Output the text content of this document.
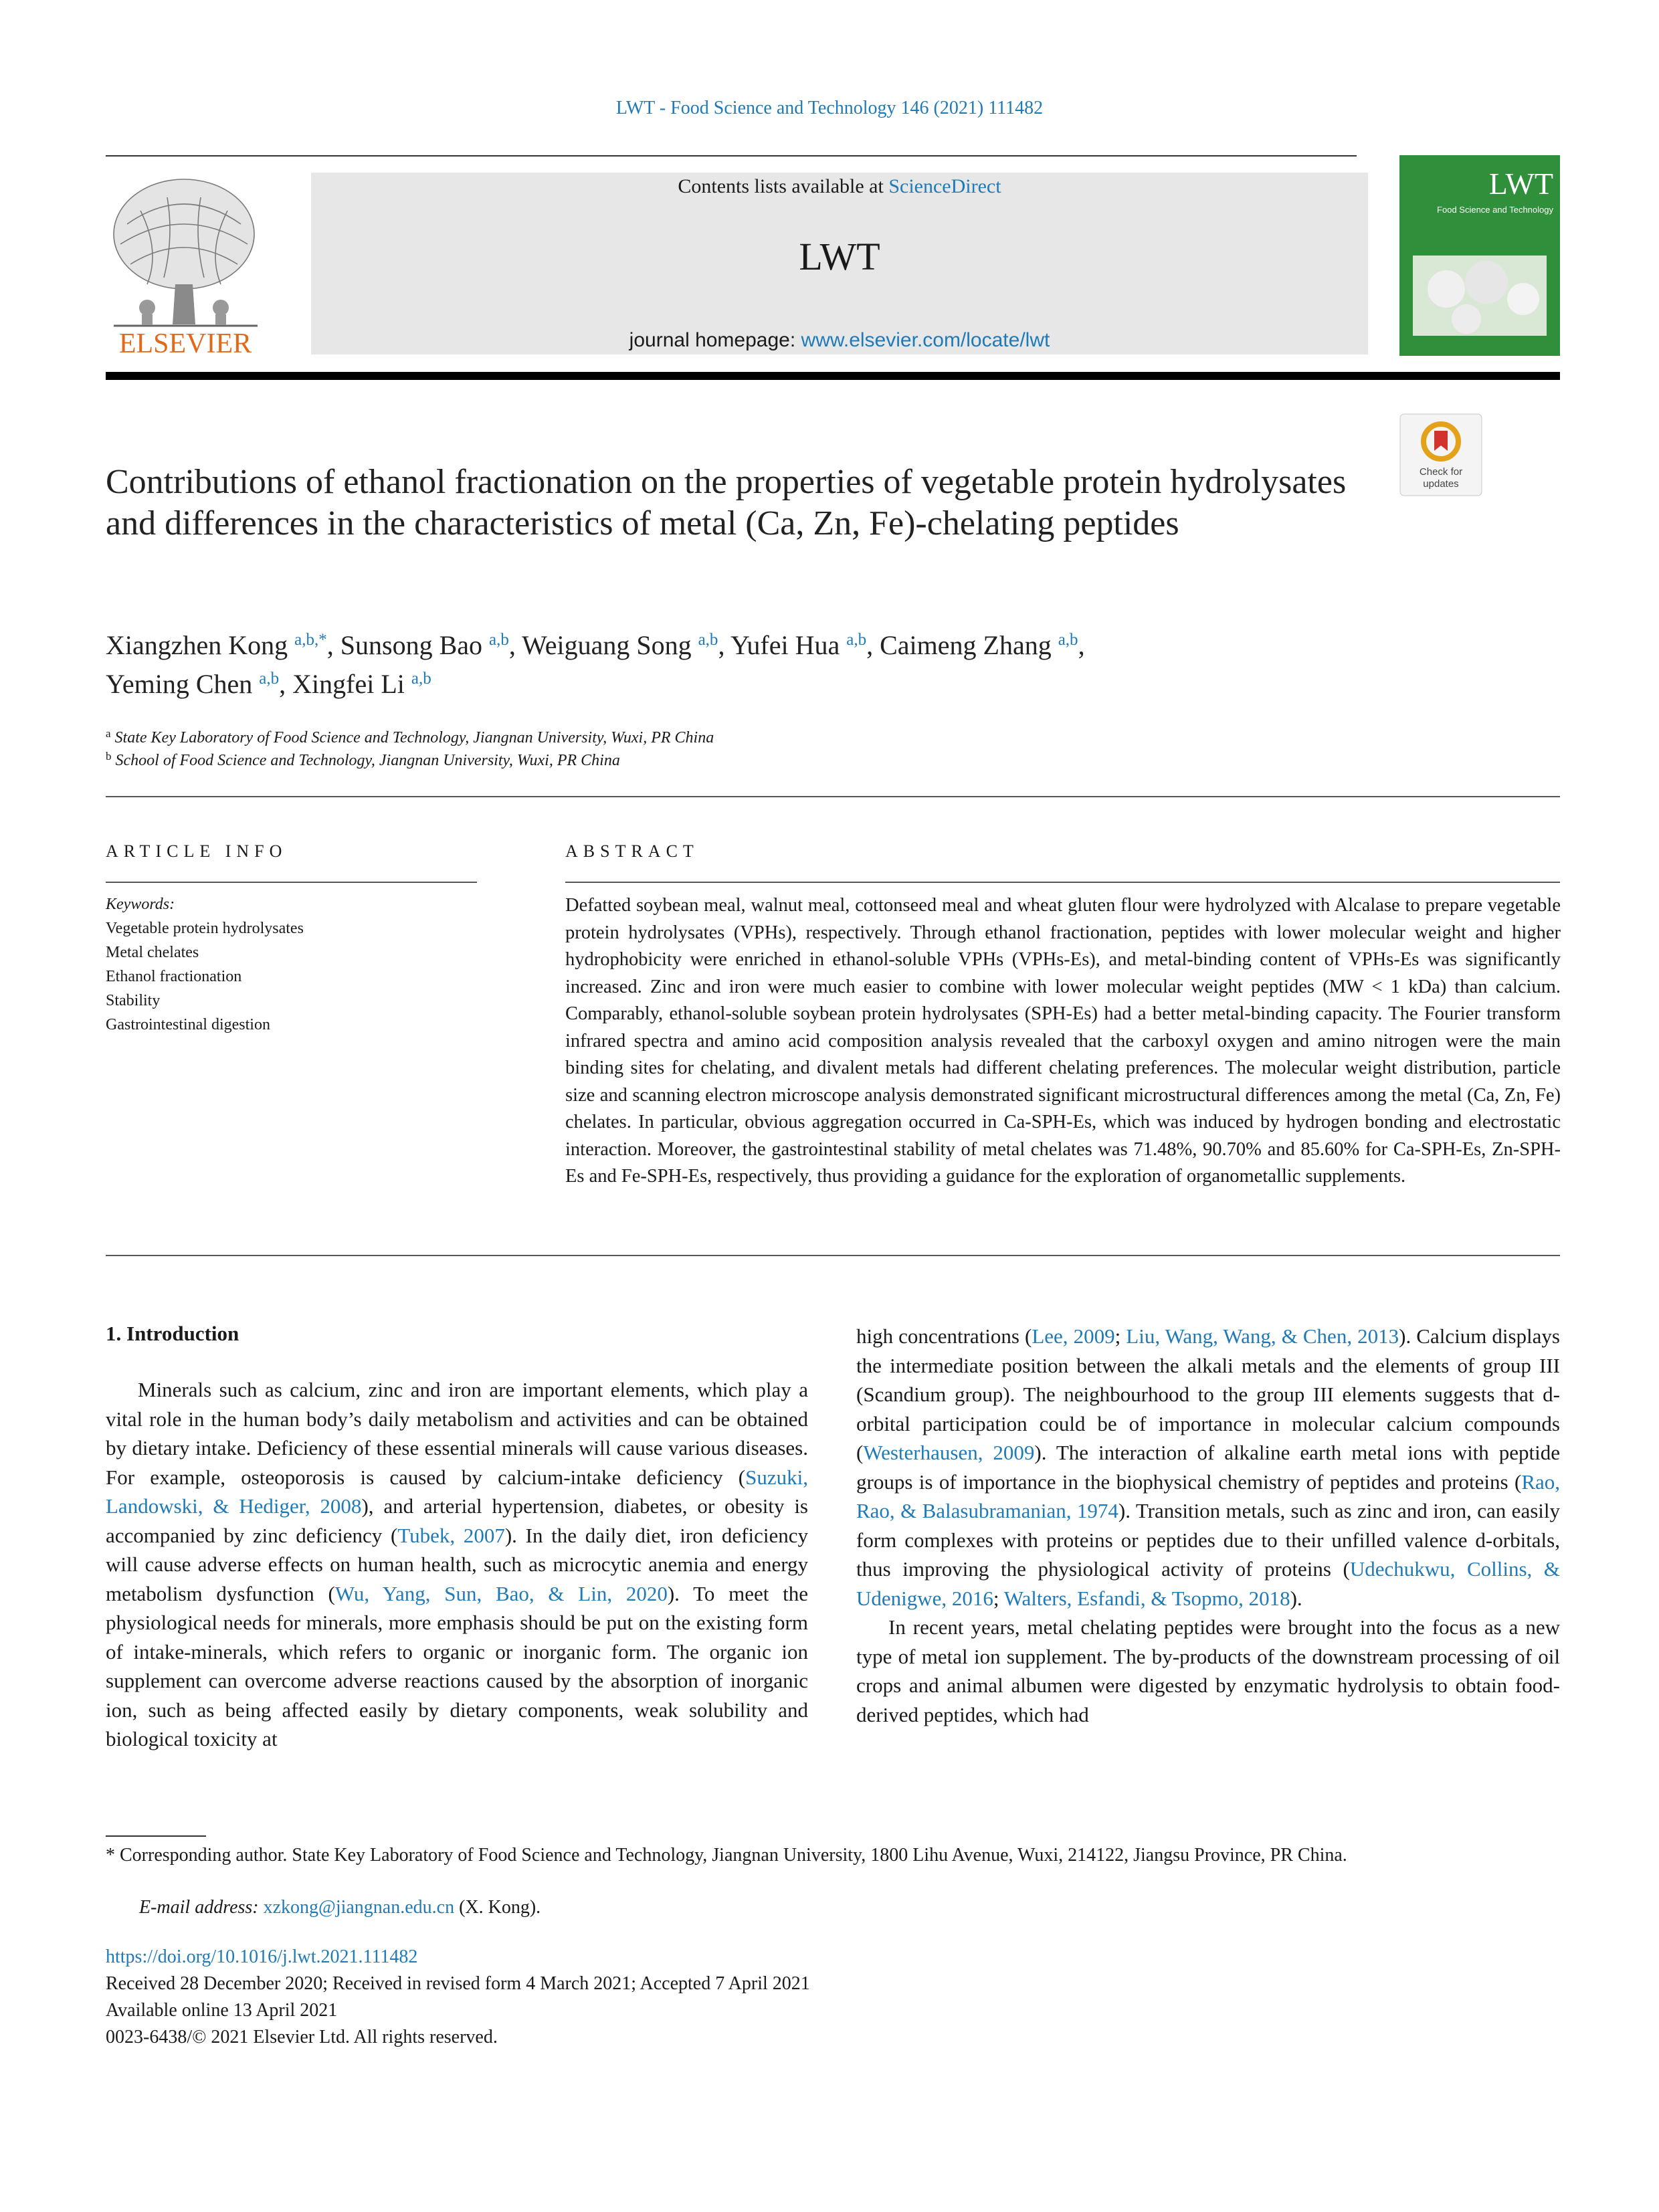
LWT - Food Science and Technology 146 (2021) 111482
ELSEVIER
Contents lists available at ScienceDirect
LWT
journal homepage: www.elsevier.com/locate/lwt
LWT
Food Science and Technology
Check for
updates
Contributions of ethanol fractionation on the properties of vegetable protein hydrolysates and differences in the characteristics of metal (Ca, Zn, Fe)-chelating peptides
Xiangzhen Kong $^{a,b,*}$, Sunsong Bao $^{a,b}$, Weiguang Song $^{a,b}$, Yufei Hua $^{a,b}$, Caimeng Zhang $^{a,b}$,
Yeming Chen $^{a,b}$, Xingfei Li $^{a,b}$
$^a$ State Key Laboratory of Food Science and Technology, Jiangnan University, Wuxi, PR China
$^b$ School of Food Science and Technology, Jiangnan University, Wuxi, PR China
ARTICLE INFO
Keywords:
Vegetable protein hydrolysates
Metal chelates
Ethanol fractionation
Stability
Gastrointestinal digestion
ABSTRACT
Defatted soybean meal, walnut meal, cottonseed meal and wheat gluten flour were hydrolyzed with Alcalase to prepare vegetable protein hydrolysates (VPHs), respectively. Through ethanol fractionation, peptides with lower molecular weight and higher hydrophobicity were enriched in ethanol-soluble VPHs (VPHs-Es), and metal-binding content of VPHs-Es was significantly increased. Zinc and iron were much easier to combine with lower molecular weight peptides (MW < 1 kDa) than calcium. Comparably, ethanol-soluble soybean protein hydrolysates (SPH-Es) had a better metal-binding capacity. The Fourier transform infrared spectra and amino acid composition analysis revealed that the carboxyl oxygen and amino nitrogen were the main binding sites for chelating, and divalent metals had different chelating preferences. The molecular weight distribution, particle size and scanning electron microscope analysis demonstrated significant microstructural differences among the metal (Ca, Zn, Fe) chelates. In particular, obvious aggregation occurred in Ca-SPH-Es, which was induced by hydrogen bonding and electrostatic interaction. Moreover, the gastrointestinal stability of metal chelates was 71.48%, 90.70% and 85.60% for Ca-SPH-Es, Zn-SPH-Es and Fe-SPH-Es, respectively, thus providing a guidance for the exploration of organometallic supplements.
1. Introduction

Minerals such as calcium, zinc and iron are important elements, which play a vital role in the human body’s daily metabolism and activities and can be obtained by dietary intake. Deficiency of these essential minerals will cause various diseases. For example, osteoporosis is caused by calcium-intake deficiency (Suzuki, Landowski, & Hediger, 2008), and arterial hypertension, diabetes, or obesity is accompanied by zinc deficiency (Tubek, 2007). In the daily diet, iron deficiency will cause adverse effects on human health, such as microcytic anemia and energy metabolism dysfunction (Wu, Yang, Sun, Bao, & Lin, 2020). To meet the physiological needs for minerals, more emphasis should be put on the existing form of intake-minerals, which refers to organic or inorganic form. The organic ion supplement can overcome adverse reactions caused by the absorption of inorganic ion, such as being affected easily by dietary components, weak solubility and biological toxicity at

high concentrations (Lee, 2009; Liu, Wang, Wang, & Chen, 2013). Calcium displays the intermediate position between the alkali metals and the elements of group III (Scandium group). The neighbourhood to the group III elements suggests that d-orbital participation could be of importance in molecular calcium compounds (Westerhausen, 2009). The interaction of alkaline earth metal ions with peptide groups is of importance in the biophysical chemistry of peptides and proteins (Rao, Rao, & Balasubramanian, 1974). Transition metals, such as zinc and iron, can easily form complexes with proteins or peptides due to their unfilled valence d-orbitals, thus improving the physiological activity of proteins (Udechukwu, Collins, & Udenigwe, 2016; Walters, Esfandi, & Tsopmo, 2018).

In recent years, metal chelating peptides were brought into the focus as a new type of metal ion supplement. The by-products of the downstream processing of oil crops and animal albumen were digested by enzymatic hydrolysis to obtain food-derived peptides, which had

* Corresponding author. State Key Laboratory of Food Science and Technology, Jiangnan University, 1800 Lihu Avenue, Wuxi, 214122, Jiangsu Province, PR China.
E-mail address: xzkong@jiangnan.edu.cn (X. Kong).
https://doi.org/10.1016/j.lwt.2021.111482
Received 28 December 2020; Received in revised form 4 March 2021; Accepted 7 April 2021
Available online 13 April 2021
0023-6438/© 2021 Elsevier Ltd. All rights reserved.
